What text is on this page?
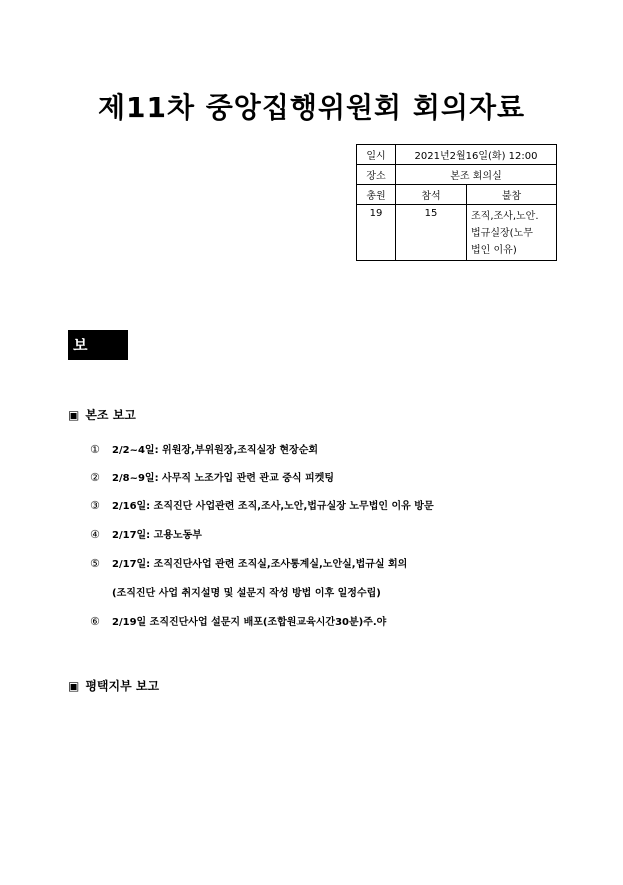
제11차 중앙집행위원회 회의자료
일시	2021년2월16일(화) 12:00	
장소	본조 회의실	
총원	참석	불참
19	15	조직,조사,노안.
법규실장(노무
법인 이유)
보 고
▣ 본조 보고
① 2/2~4일: 위원장,부위원장,조직실장 현장순회
② 2/8~9일: 사무직 노조가입 관련 관교 중식 피켓팅
③ 2/16일: 조직진단 사업관련 조직,조사,노안,법규실장 노무법인 이유 방문
④ 2/17일: 고용노동부
⑤ 2/17일: 조직진단사업 관련 조직실,조사통계실,노안실,법규실 회의
(조직진단 사업 취지설명 및 설문지 작성 방법 이후 일정수립)
⑥ 2/19일 조직진단사업 설문지 배포(조합원교육시간30분)주.야
▣ 평택지부 보고
